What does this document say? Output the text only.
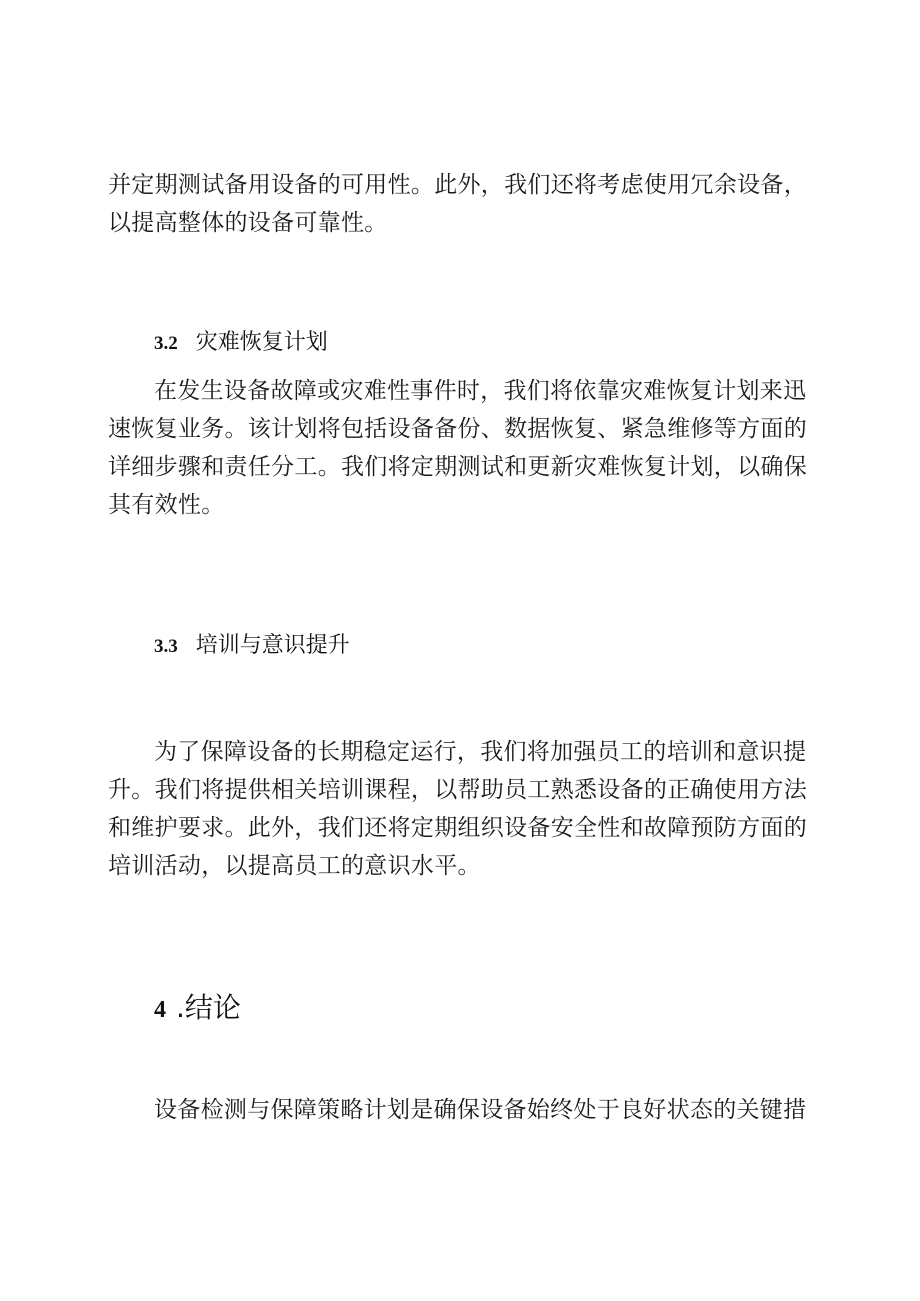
并定期测试备用设备的可用性。此外，我们还将考虑使用冗余设备，
以提高整体的设备可靠性。

3.2 灾难恢复计划

在发生设备故障或灾难性事件时，我们将依靠灾难恢复计划来迅速恢复业务。该计划将包括设备备份、数据恢复、紧急维修等方面的详细步骤和责任分工。我们将定期测试和更新灾难恢复计划，以确保其有效性。

3.3 培训与意识提升

为了保障设备的长期稳定运行，我们将加强员工的培训和意识提升。我们将提供相关培训课程，以帮助员工熟悉设备的正确使用方法和维护要求。此外，我们还将定期组织设备安全性和故障预防方面的培训活动，以提高员工的意识水平。

4 .结论

设备检测与保障策略计划是确保设备始终处于良好状态的关键措
